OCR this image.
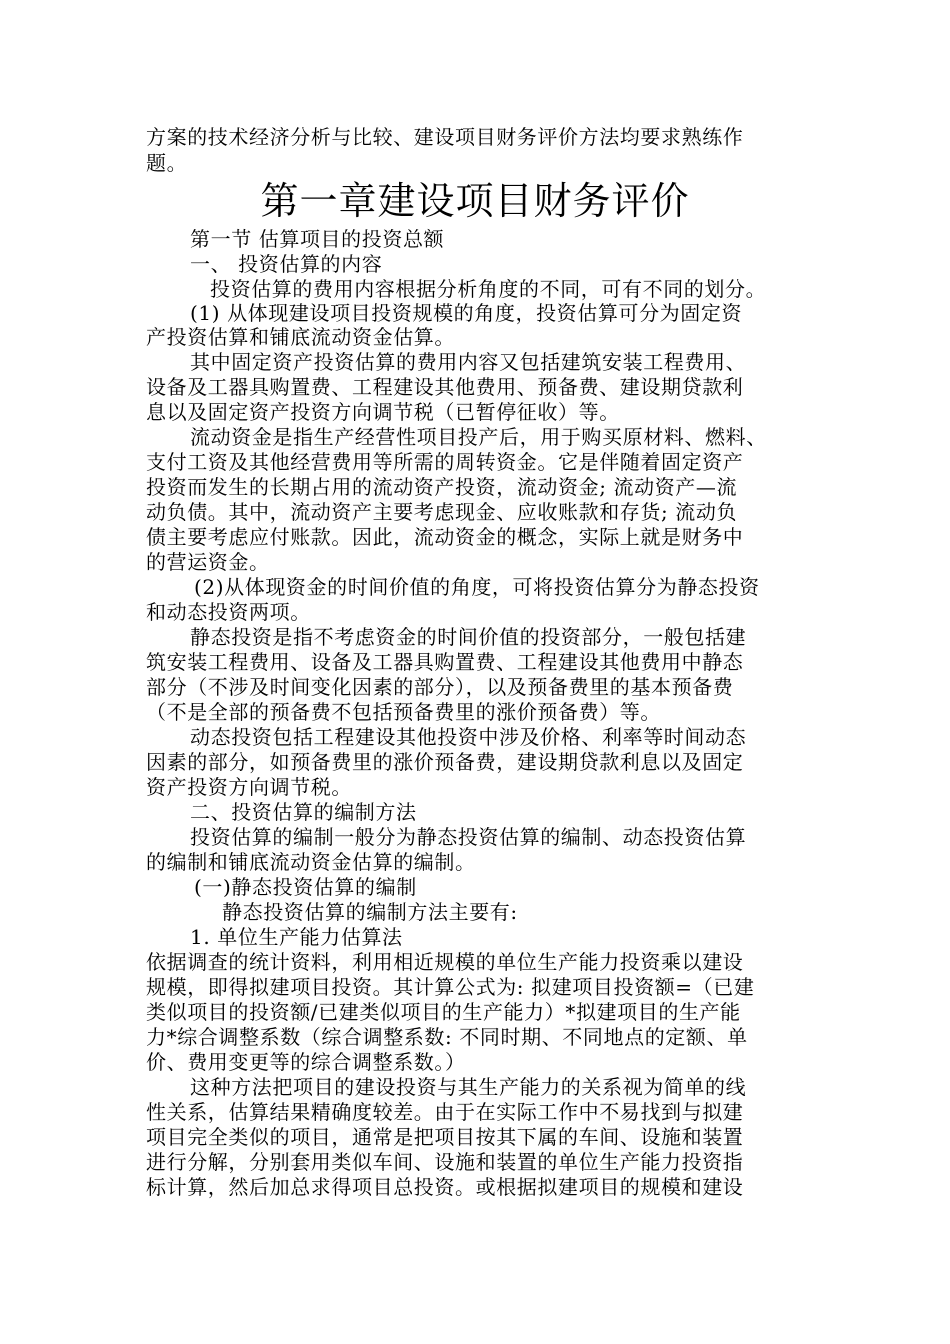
方案的技术经济分析与比较、建设项目财务评价方法均要求熟练作
题。
第一章建设项目财务评价
第一节 估算项目的投资总额
一、 投资估算的内容
投资估算的费用内容根据分析角度的不同，可有不同的划分。
(1) 从体现建设项目投资规模的角度，投资估算可分为固定资
产投资估算和铺底流动资金估算。
其中固定资产投资估算的费用内容又包括建筑安装工程费用、
设备及工器具购置费、工程建设其他费用、预备费、建设期贷款利
息以及固定资产投资方向调节税（已暂停征收）等。
流动资金是指生产经营性项目投产后，用于购买原材料、燃料、
支付工资及其他经营费用等所需的周转资金。它是伴随着固定资产
投资而发生的长期占用的流动资产投资，流动资金; 流动资产—流
动负债。其中，流动资产主要考虑现金、应收账款和存货; 流动负
债主要考虑应付账款。因此，流动资金的概念，实际上就是财务中
的营运资金。
(2)从体现资金的时间价值的角度，可将投资估算分为静态投资
和动态投资两项。
静态投资是指不考虑资金的时间价值的投资部分，一般包括建
筑安装工程费用、设备及工器具购置费、工程建设其他费用中静态
部分（不涉及时间变化因素的部分），以及预备费里的基本预备费
（不是全部的预备费不包括预备费里的涨价预备费）等。
动态投资包括工程建设其他投资中涉及价格、利率等时间动态
因素的部分，如预备费里的涨价预备费，建设期贷款利息以及固定
资产投资方向调节税。
二、投资估算的编制方法
投资估算的编制一般分为静态投资估算的编制、动态投资估算
的编制和铺底流动资金估算的编制。
(一)静态投资估算的编制
静态投资估算的编制方法主要有:
1. 单位生产能力估算法
依据调查的统计资料，利用相近规模的单位生产能力投资乘以建设
规模，即得拟建项目投资。其计算公式为: 拟建项目投资额=（已建
类似项目的投资额/已建类似项目的生产能力）*拟建项目的生产能
力*综合调整系数（综合调整系数: 不同时期、不同地点的定额、单
价、费用变更等的综合调整系数。）
这种方法把项目的建设投资与其生产能力的关系视为简单的线
性关系，估算结果精确度较差。由于在实际工作中不易找到与拟建
项目完全类似的项目，通常是把项目按其下属的车间、设施和装置
进行分解，分别套用类似车间、设施和装置的单位生产能力投资指
标计算，然后加总求得项目总投资。或根据拟建项目的规模和建设
